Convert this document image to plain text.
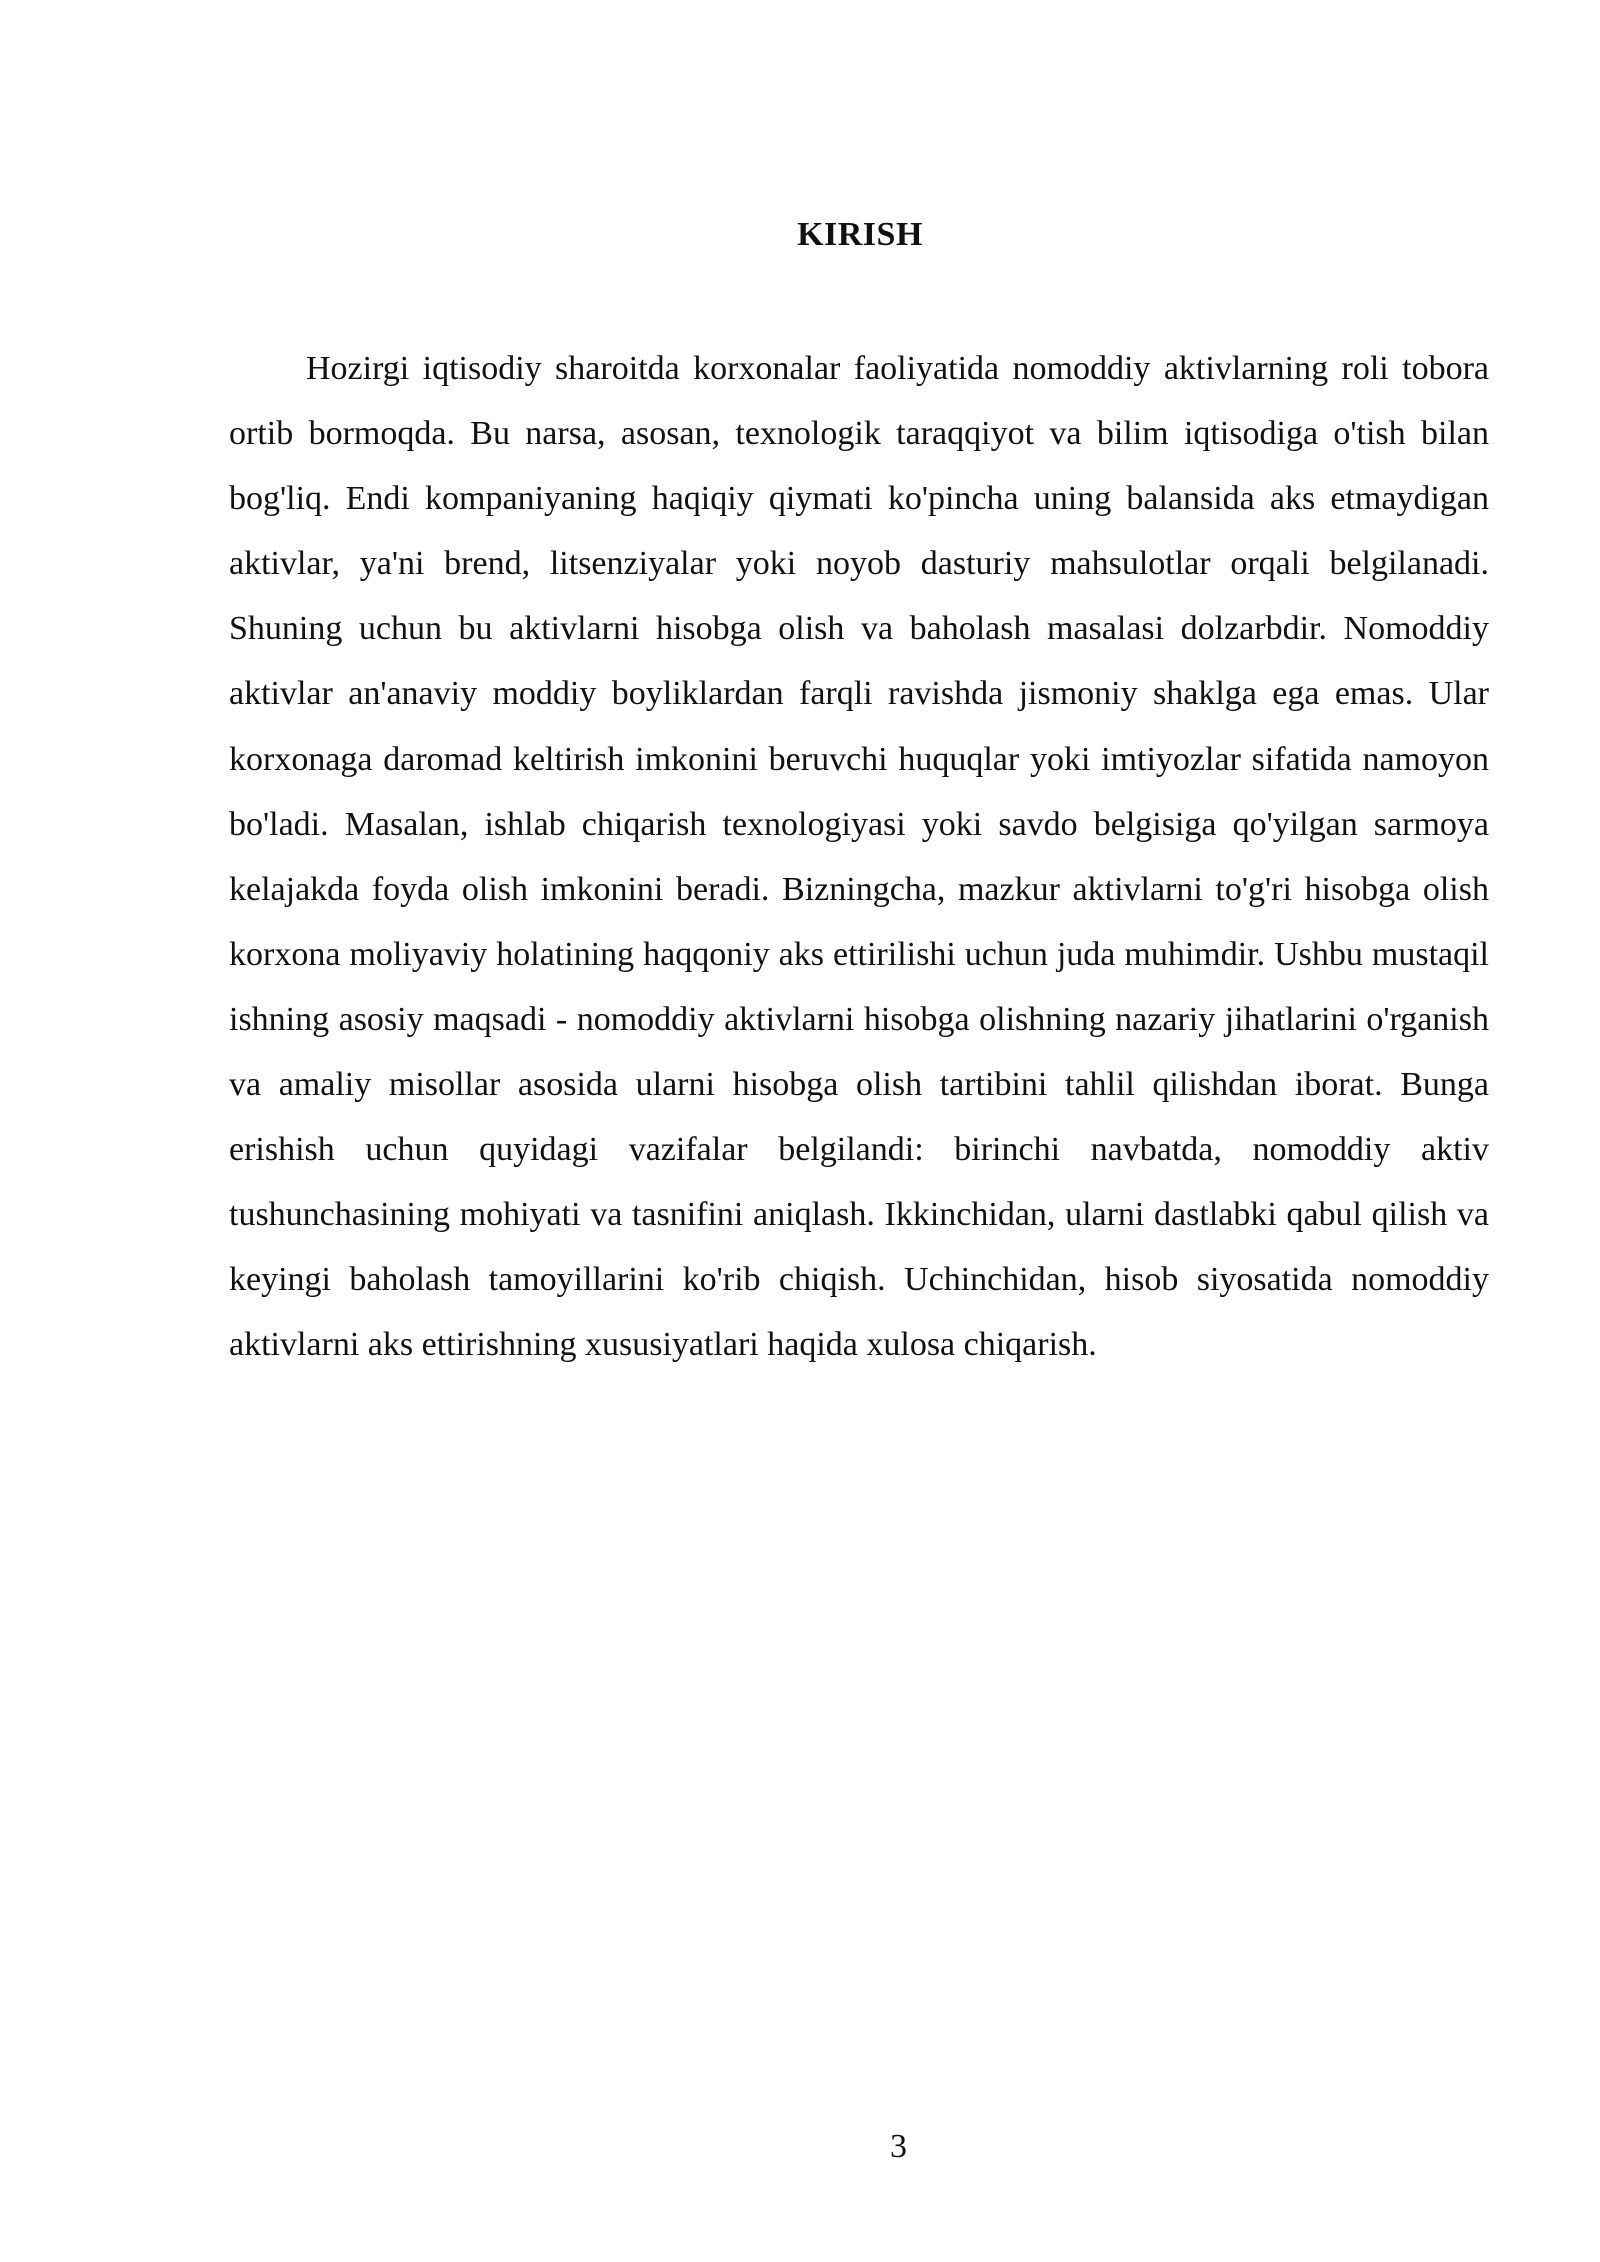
KIRISH

Hozirgi iqtisodiy sharoitda korxonalar faoliyatida nomoddiy aktivlarning roli tobora ortib bormoqda. Bu narsa, asosan, texnologik taraqqiyot va bilim iqtisodiga o'tish bilan bog'liq. Endi kompaniyaning haqiqiy qiymati ko'pincha uning balansida aks etmaydigan aktivlar, ya'ni brend, litsenziyalar yoki noyob dasturiy mahsulotlar orqali belgilanadi. Shuning uchun bu aktivlarni hisobga olish va baholash masalasi dolzarbdir. Nomoddiy aktivlar an'anaviy moddiy boyliklardan farqli ravishda jismoniy shaklga ega emas. Ular korxonaga daromad keltirish imkonini beruvchi huquqlar yoki imtiyozlar sifatida namoyon bo'ladi. Masalan, ishlab chiqarish texnologiyasi yoki savdo belgisiga qo'yilgan sarmoya kelajakda foyda olish imkonini beradi. Bizningcha, mazkur aktivlarni to'g'ri hisobga olish korxona moliyaviy holatining haqqoniy aks ettirilishi uchun juda muhimdir. Ushbu mustaqil ishning asosiy maqsadi - nomoddiy aktivlarni hisobga olishning nazariy jihatlarini o'rganish va amaliy misollar asosida ularni hisobga olish tartibini tahlil qilishdan iborat. Bunga erishish uchun quyidagi vazifalar belgilandi: birinchi navbatda, nomoddiy aktiv tushunchasining mohiyati va tasnifini aniqlash. Ikkinchidan, ularni dastlabki qabul qilish va keyingi baholash tamoyillarini ko'rib chiqish. Uchinchidan, hisob siyosatida nomoddiy aktivlarni aks ettirishning xususiyatlari haqida xulosa chiqarish.

3
